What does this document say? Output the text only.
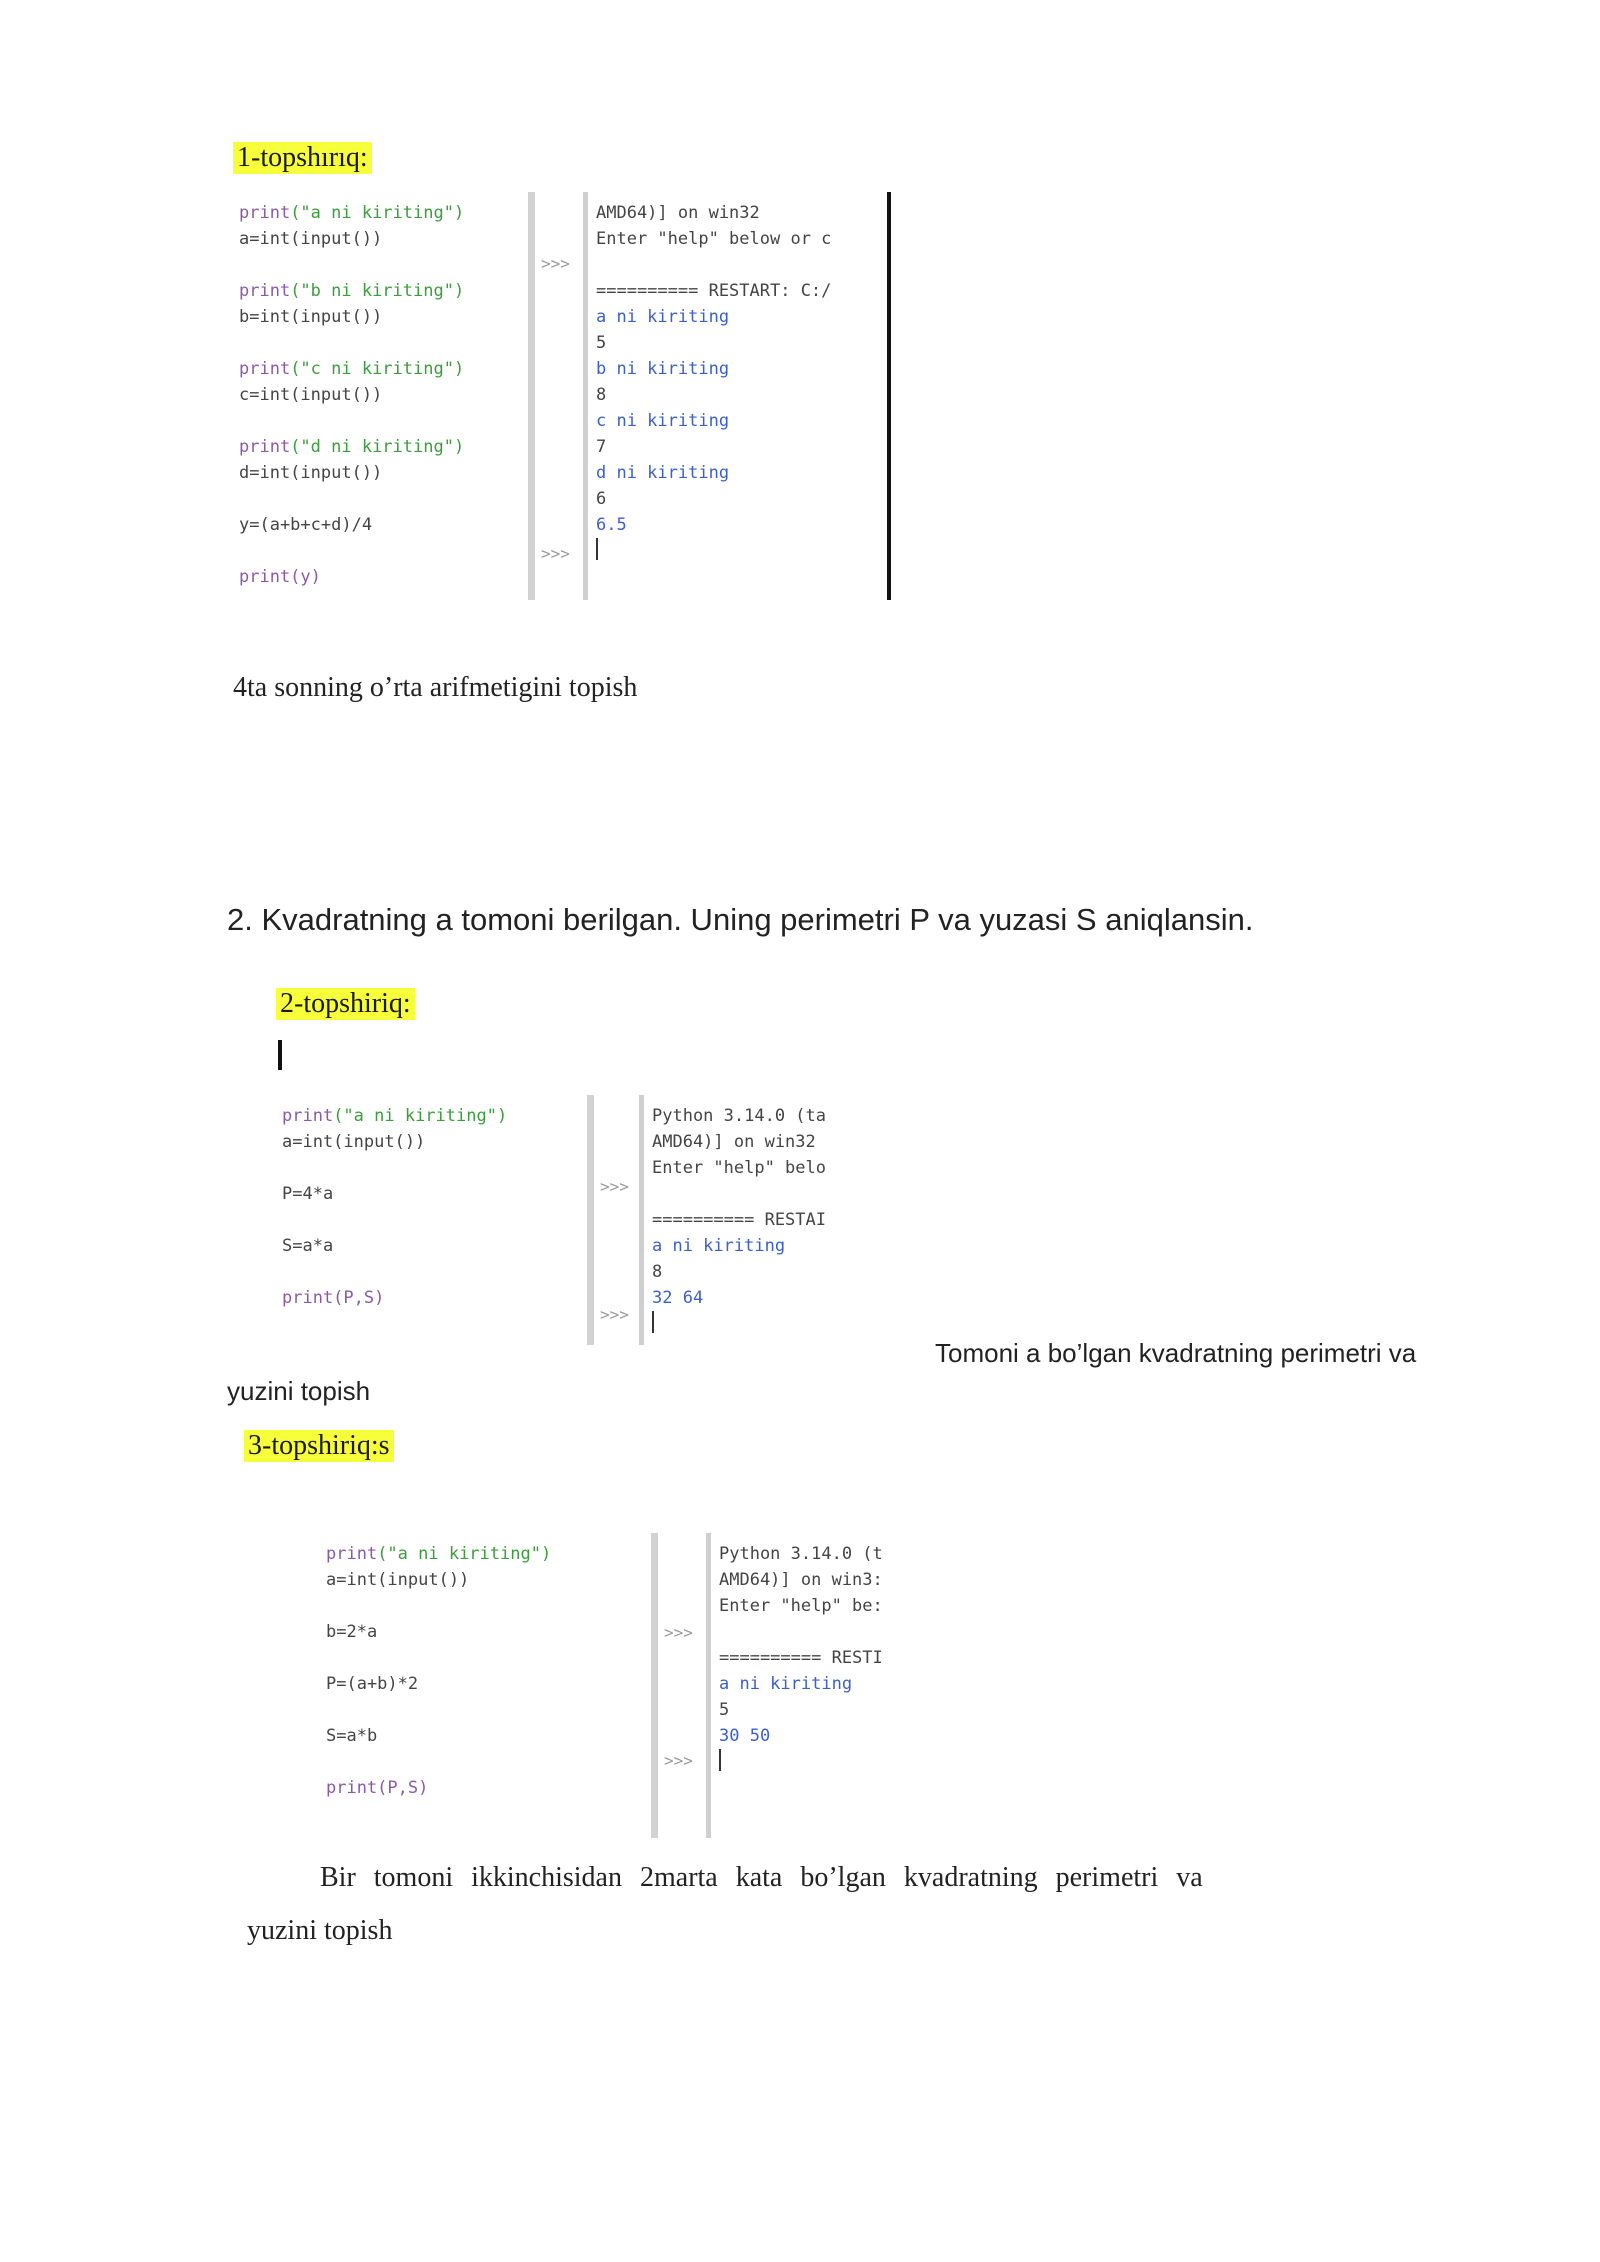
1-topshırıq:
print("a ni kiriting")
a=int(input())

print("b ni kiriting")
b=int(input())

print("c ni kiriting")
c=int(input())

print("d ni kiriting")
d=int(input())

y=(a+b+c+d)/4

print(y)
>>>
>>>
AMD64)] on win32
Enter "help" below or c

========== RESTART: C:/
a ni kiriting
5
b ni kiriting
8
c ni kiriting
7
d ni kiriting
6
6.5
4ta sonning o’rta arifmetigini topish
2. Kvadratning a tomoni berilgan. Uning perimetri P va yuzasi S aniqlansin.
2-topshiriq:
print("a ni kiriting")
a=int(input())

P=4*a

S=a*a

print(P,S)
>>>
>>>
Python 3.14.0 (ta
AMD64)] on win32
Enter "help" belo

========== RESTAI
a ni kiriting
8
32 64
Tomoni a bo’lgan kvadratning perimetri va
yuzini topish
3-topshiriq:s
print("a ni kiriting")
a=int(input())

b=2*a

P=(a+b)*2

S=a*b

print(P,S)
>>>
>>>
Python 3.14.0 (t
AMD64)] on win3:
Enter "help" be:

========== RESTI
a ni kiriting
5
30 50
Bir  tomoni  ikkinchisidan  2marta  kata  bo’lgan  kvadratning  perimetri  va
yuzini topish
